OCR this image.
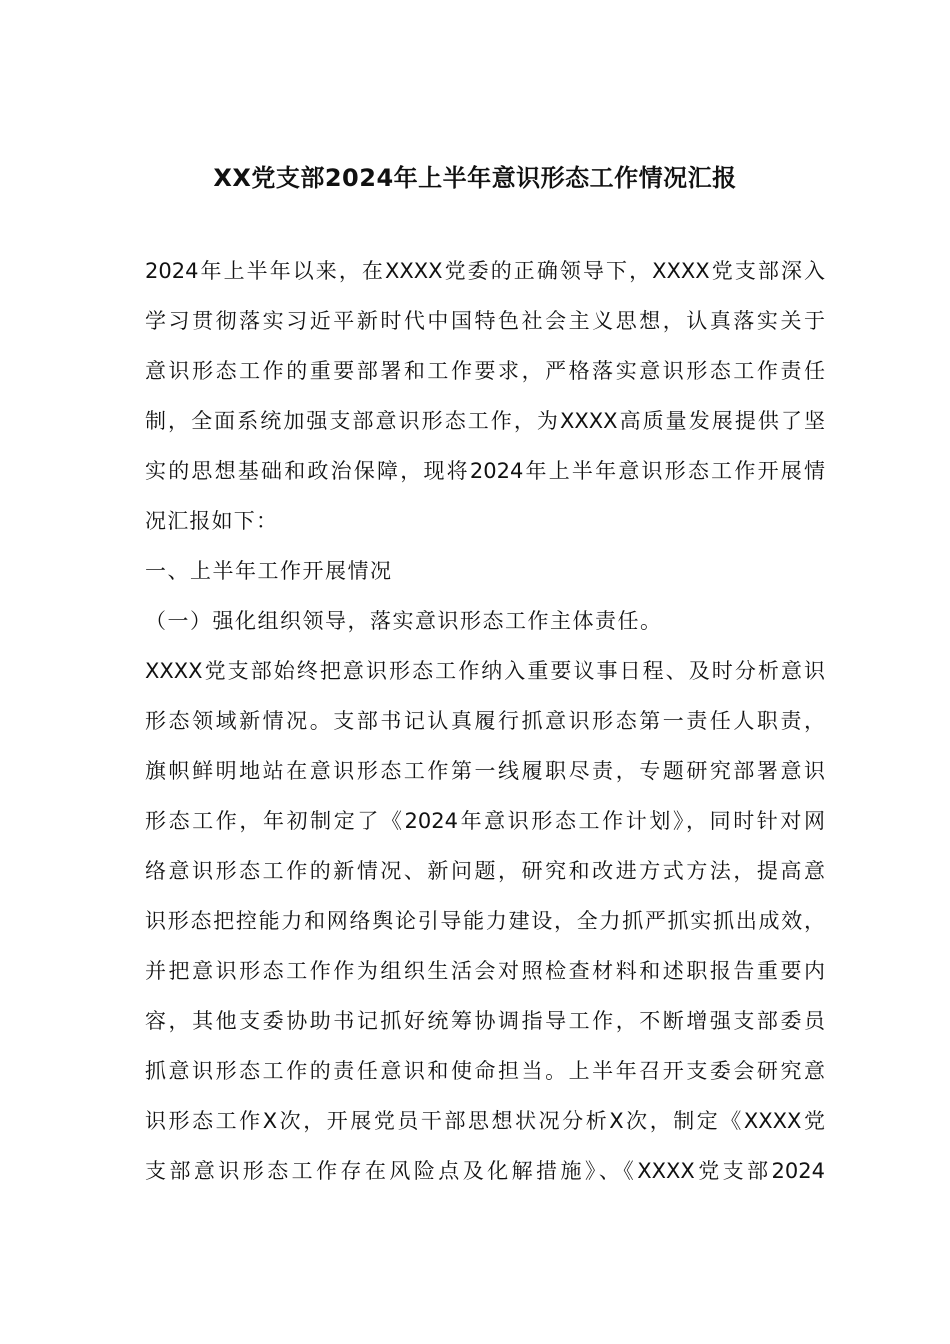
XX党支部2024年上半年意识形态工作情况汇报
2024年上半年以来，在XXXX党委的正确领导下，XXXX党支部深入
学习贯彻落实习近平新时代中国特色社会主义思想，认真落实关于
意识形态工作的重要部署和工作要求，严格落实意识形态工作责任
制，全面系统加强支部意识形态工作，为XXXX高质量发展提供了坚
实的思想基础和政治保障，现将2024年上半年意识形态工作开展情
况汇报如下：
一、上半年工作开展情况
（一）强化组织领导，落实意识形态工作主体责任。
XXXX党支部始终把意识形态工作纳入重要议事日程、及时分析意识
形态领域新情况。支部书记认真履行抓意识形态第一责任人职责，
旗帜鲜明地站在意识形态工作第一线履职尽责，专题研究部署意识
形态工作，年初制定了《2024年意识形态工作计划》，同时针对网
络意识形态工作的新情况、新问题，研究和改进方式方法，提高意
识形态把控能力和网络舆论引导能力建设，全力抓严抓实抓出成效，
并把意识形态工作作为组织生活会对照检查材料和述职报告重要内
容，其他支委协助书记抓好统筹协调指导工作，不断增强支部委员
抓意识形态工作的责任意识和使命担当。上半年召开支委会研究意
识形态工作X次，开展党员干部思想状况分析X次，制定《XXXX党
支部意识形态工作存在风险点及化解措施》、《XXXX党支部2024
